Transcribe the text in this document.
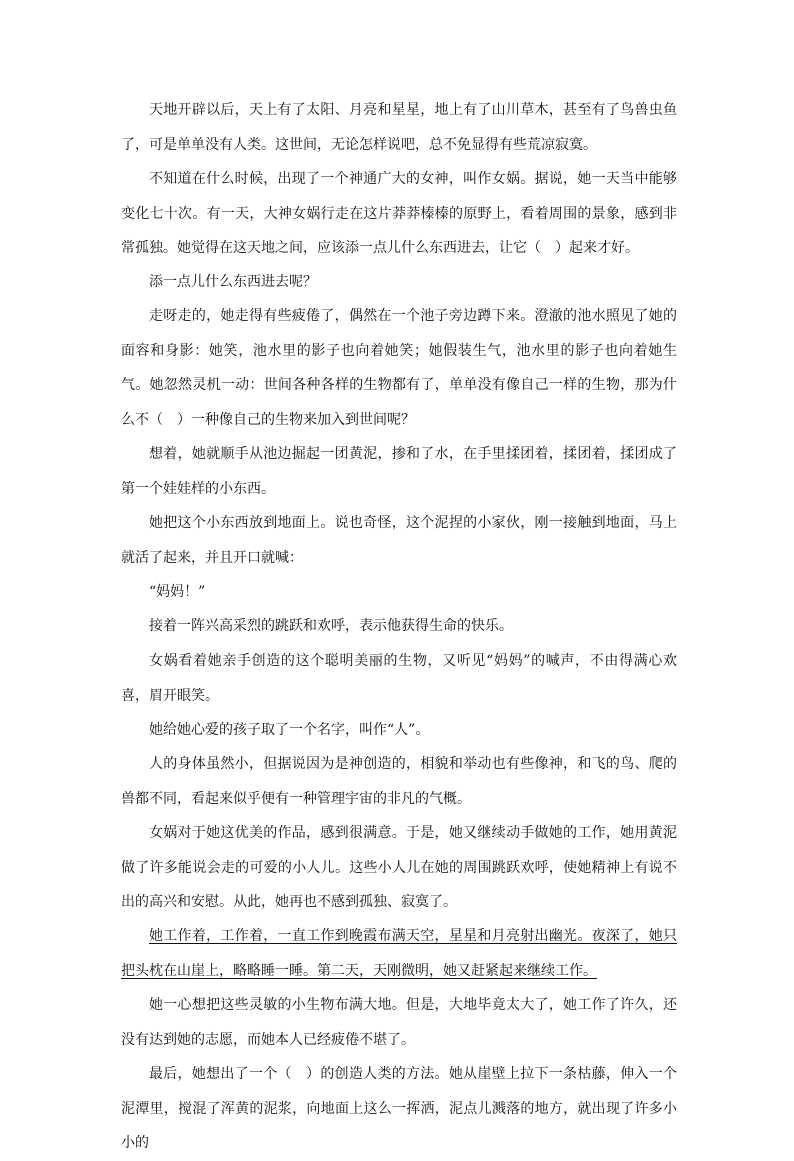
天地开辟以后，天上有了太阳、月亮和星星，地上有了山川草木，甚至有了鸟兽虫鱼了，可是单单没有人类。这世间，无论怎样说吧，总不免显得有些荒凉寂寞。

不知道在什么时候，出现了一个神通广大的女神，叫作女娲。据说，她一天当中能够变化七十次。有一天，大神女娲行走在这片莽莽榛榛的原野上，看着周围的景象，感到非常孤独。她觉得在这天地之间，应该添一点儿什么东西进去，让它（　）起来才好。

添一点儿什么东西进去呢？

走呀走的，她走得有些疲倦了，偶然在一个池子旁边蹲下来。澄澈的池水照见了她的面容和身影：她笑，池水里的影子也向着她笑；她假装生气，池水里的影子也向着她生气。她忽然灵机一动：世间各种各样的生物都有了，单单没有像自己一样的生物，那为什么不（　）一种像自己的生物来加入到世间呢？

想着，她就顺手从池边掘起一团黄泥，掺和了水，在手里揉团着，揉团着，揉团成了第一个娃娃样的小东西。

她把这个小东西放到地面上。说也奇怪，这个泥捏的小家伙，刚一接触到地面，马上就活了起来，并且开口就喊：

“妈妈！”

接着一阵兴高采烈的跳跃和欢呼，表示他获得生命的快乐。

女娲看着她亲手创造的这个聪明美丽的生物，又听见“妈妈”的喊声，不由得满心欢喜，眉开眼笑。

她给她心爱的孩子取了一个名字，叫作“人”。

人的身体虽然小，但据说因为是神创造的，相貌和举动也有些像神，和飞的鸟、爬的兽都不同，看起来似乎便有一种管理宇宙的非凡的气概。

女娲对于她这优美的作品，感到很满意。于是，她又继续动手做她的工作，她用黄泥做了许多能说会走的可爱的小人儿。这些小人儿在她的周围跳跃欢呼，使她精神上有说不出的高兴和安慰。从此，她再也不感到孤独、寂寞了。

她工作着，工作着，一直工作到晚霞布满天空，星星和月亮射出幽光。夜深了，她只把头枕在山崖上，略略睡一睡。第二天，天刚微明，她又赶紧起来继续工作。

她一心想把这些灵敏的小生物布满大地。但是，大地毕竟太大了，她工作了许久，还没有达到她的志愿，而她本人已经疲倦不堪了。

最后，她想出了一个（　）的创造人类的方法。她从崖壁上拉下一条枯藤，伸入一个泥潭里，搅混了浑黄的泥浆，向地面上这么一挥洒，泥点儿溅落的地方，就出现了许多小小的
